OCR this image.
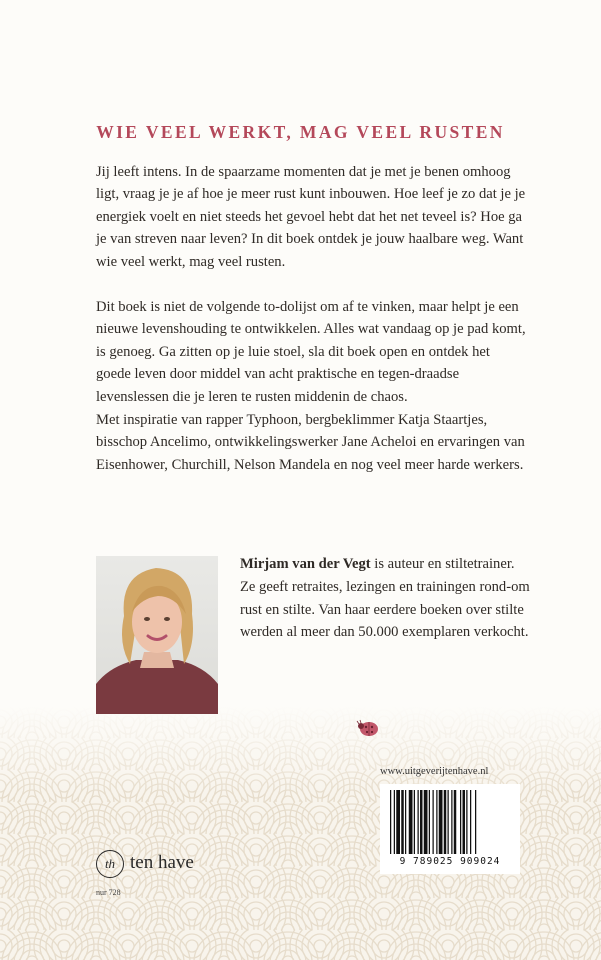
WIE VEEL WERKT, MAG VEEL RUSTEN

Jij leeft intens. In de spaarzame momenten dat je met je benen omhoog ligt, vraag je je af hoe je meer rust kunt inbouwen. Hoe leef je zo dat je je energiek voelt en niet steeds het gevoel hebt dat het net teveel is? Hoe ga je van streven naar leven? In dit boek ontdek je jouw haalbare weg. Want wie veel werkt, mag veel rusten.

Dit boek is niet de volgende to-dolijst om af te vinken, maar helpt je een nieuwe levenshouding te ontwikkelen. Alles wat vandaag op je pad komt, is genoeg. Ga zitten op je luie stoel, sla dit boek open en ontdek het goede leven door middel van acht praktische en tegen-draadse levenslessen die je leren te rusten middenin de chaos.

Met inspiratie van rapper Typhoon, bergbeklimmer Katja Staartjes, bisschop Ancelimo, ontwikkelingswerker Jane Acheloi en ervaringen van Eisenhower, Churchill, Nelson Mandela en nog veel meer harde werkers.

Mirjam van der Vegt is auteur en stiltetrainer. Ze geeft retraites, lezingen en trainingen rond-om rust en stilte. Van haar eerdere boeken over stilte werden al meer dan 50.000 exemplaren verkocht.

www.uitgeverijtenhave.nl

9 789025 909024
th ten have

nur 728
